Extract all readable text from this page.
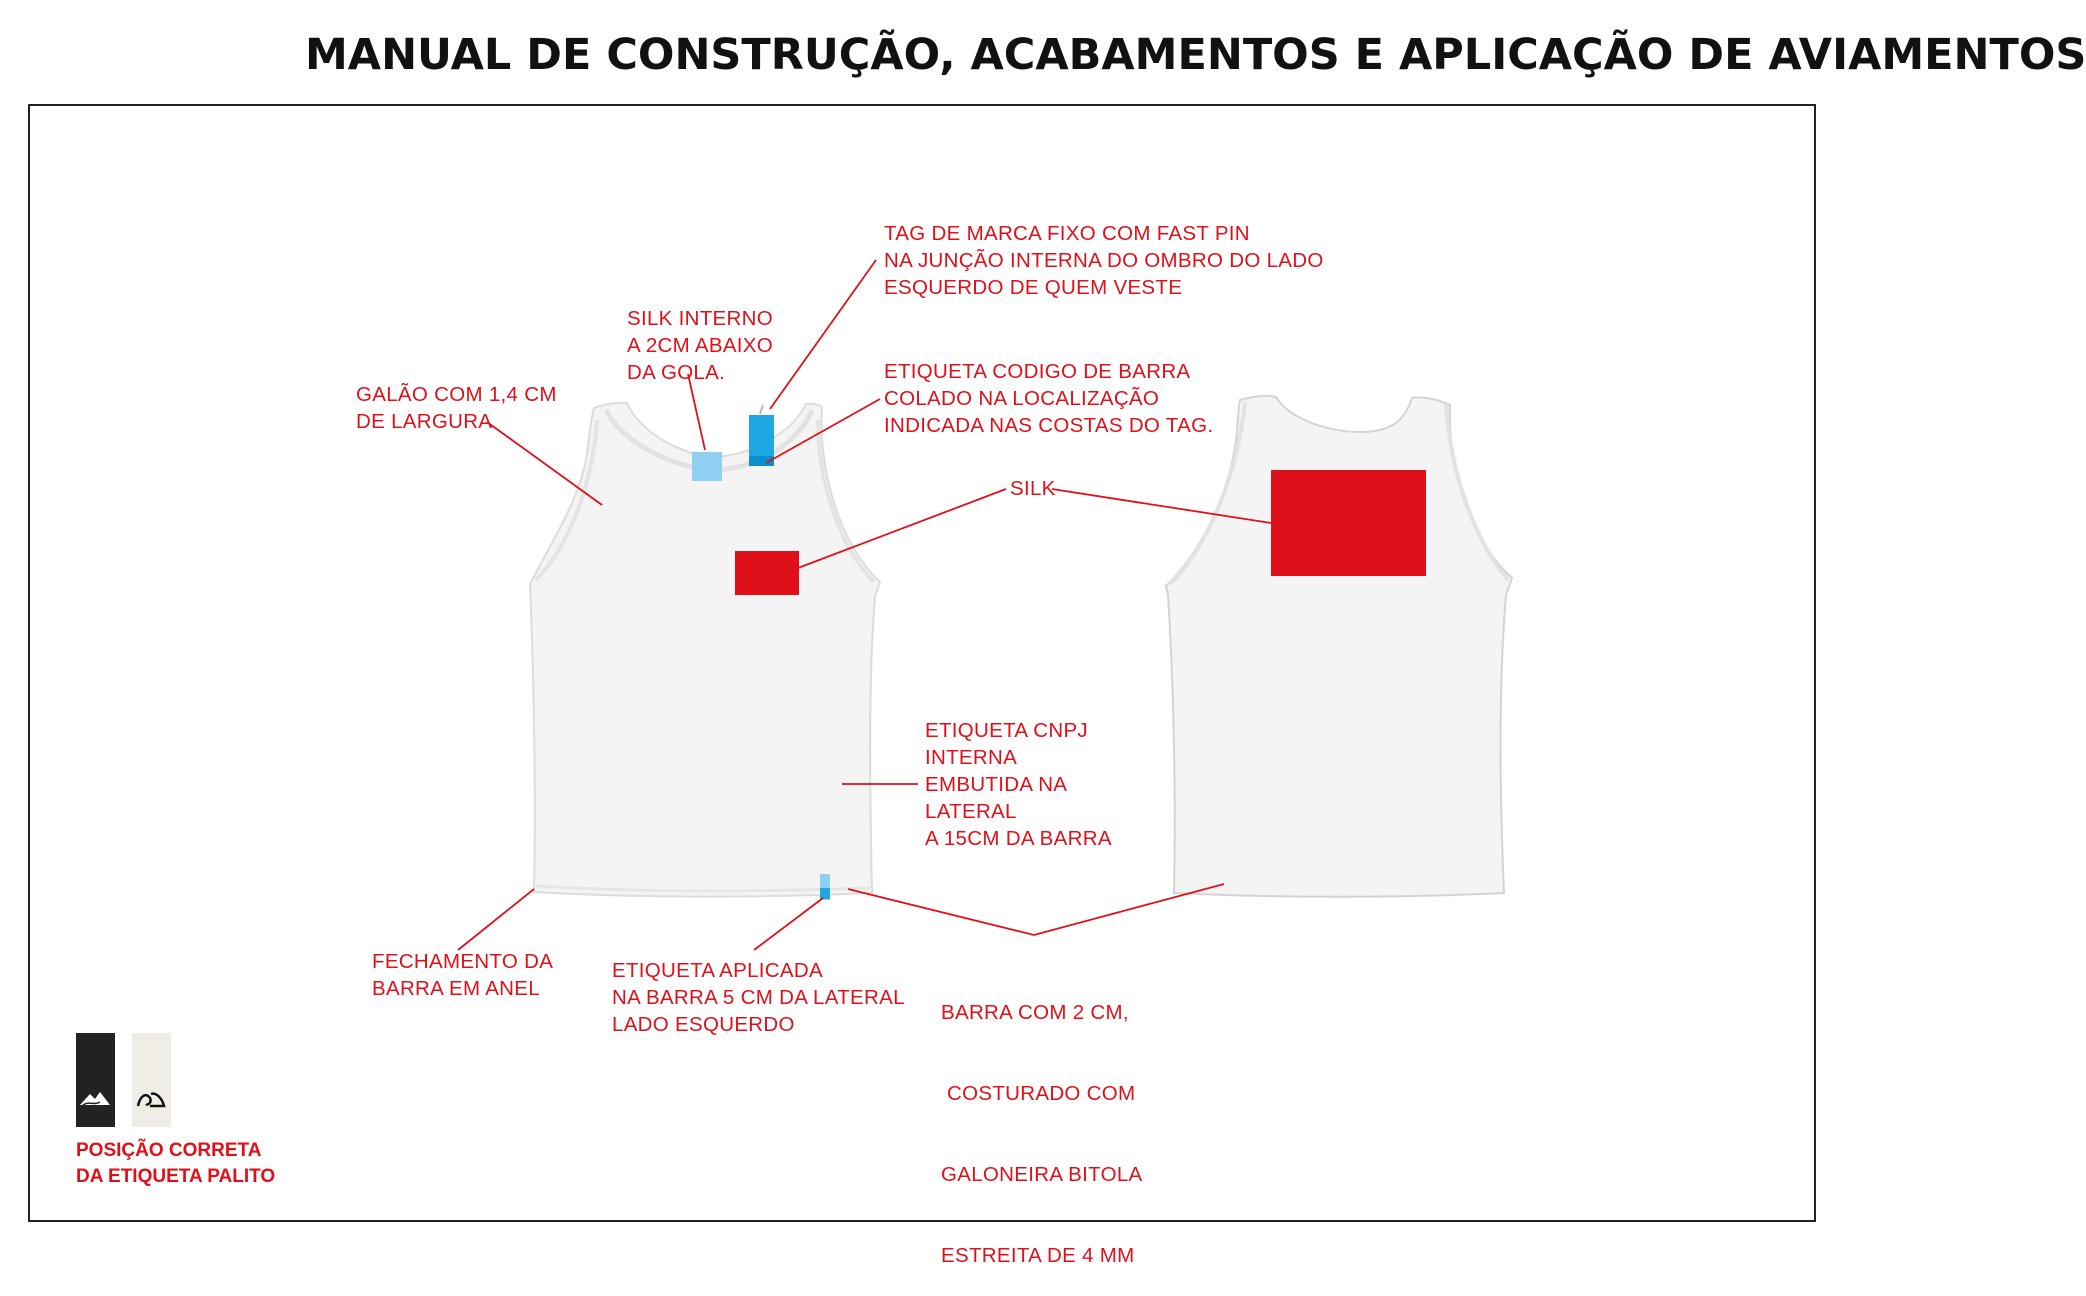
MANUAL DE CONSTRUÇÃO, ACABAMENTOS E APLICAÇÃO DE AVIAMENTOS
TAG DE MARCA FIXO COM FAST PIN
NA JUNÇÃO INTERNA DO OMBRO DO LADO
ESQUERDO DE QUEM VESTE
SILK INTERNO
A 2CM ABAIXO
DA GOLA.
GALÃO COM 1,4 CM
DE LARGURA
ETIQUETA CODIGO DE BARRA
COLADO NA LOCALIZAÇÃO
INDICADA NAS COSTAS DO TAG.
SILK
ETIQUETA CNPJ
INTERNA
EMBUTIDA NA
LATERAL
A 15CM DA BARRA
FECHAMENTO DA
BARRA EM ANEL
ETIQUETA APLICADA
NA BARRA 5 CM DA LATERAL
LADO ESQUERDO

BARRA COM 2 CM,

COSTURADO COM

GALONEIRA BITOLA

ESTREITA DE 4 MM

POSIÇÃO CORRETA
DA ETIQUETA PALITO
